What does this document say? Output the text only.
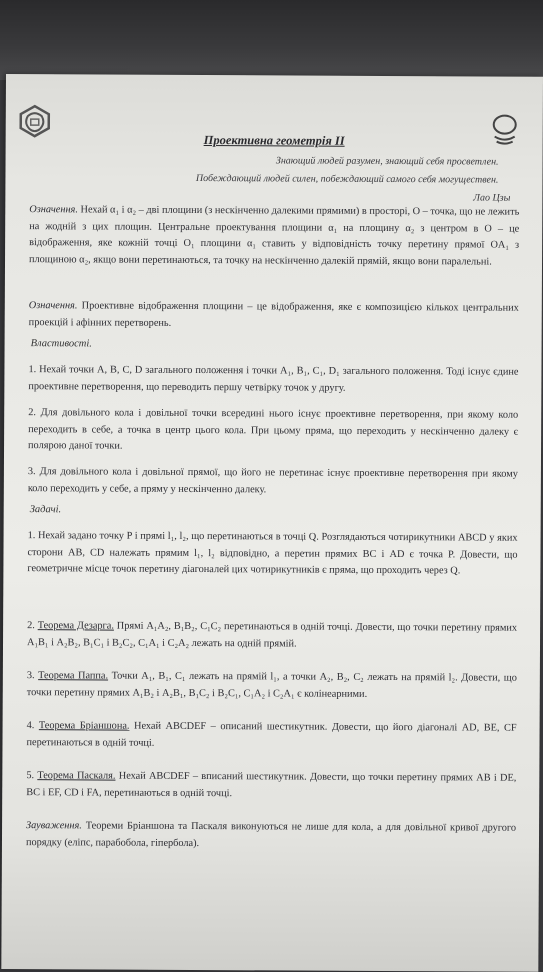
Проективна геометрія II
Знающий людей разумен, знающий себя просветлен.
Побеждающий людей силен, побеждающий самого себя могуществен.
Лао Цзы
Означення. Нехай α₁ і α₂ – дві площини (з нескінченно далекими прямими) в просторі, O – точка, що не лежить на жодній з цих площин. Центральне проектування площини α₁ на площину α₂ з центром в O – це відображення, яке кожній точці O₁ площини α₁ ставить у відповідність точку перетину прямої OA₁ з площиною α₂, якщо вони перетинаються, та точку на нескінченно далекій прямій, якщо вони паралельні.
Означення. Проективне відображення площини – це відображення, яке є композицією кількох центральних проекцій і афінних перетворень.
Властивості.
1. Нехай точки A, B, C, D загального положення і точки A₁, B₁, C₁, D₁ загального положення. Тоді існує єдине проективне перетворення, що переводить першу четвірку точок у другу.
2. Для довільного кола і довільної точки всередині нього існує проективне перетворення, при якому коло переходить в себе, а точка в центр цього кола. При цьому пряма, що переходить у нескінченно далеку є полярою даної точки.
3. Для довільного кола і довільної прямої, що його не перетинає існує проективне перетворення при якому коло переходить у себе, а пряму у нескінченно далеку.
Задачі.
1. Нехай задано точку P і прямі l₁, l₂, що перетинаються в точці Q. Розглядаються чотирикутники ABCD у яких сторони AB, CD належать прямим l₁, l₂ відповідно, а перетин прямих BC і AD є точка P. Довести, що геометричне місце точок перетину діагоналей цих чотирикутників є пряма, що проходить через Q.
2. Теорема Дезарга. Прямі A₁A₂, B₁B₂, C₁C₂ перетинаються в одній точці. Довести, що точки перетину прямих A₁B₁ і A₂B₂, B₁C₁ і B₂C₂, C₁A₁ і C₂A₂ лежать на одній прямій.
3. Теорема Паппа. Точки A₁, B₁, C₁ лежать на прямій l₁, а точки A₂, B₂, C₂ лежать на прямій l₂. Довести, що точки перетину прямих A₁B₂ і A₂B₁, B₁C₂ і B₂C₁, C₁A₂ і C₂A₁ є колінеарними.
4. Теорема Бріаншона. Нехай ABCDEF – описаний шестикутник. Довести, що його діагоналі AD, BE, CF перетинаються в одній точці.
5. Теорема Паскаля. Нехай ABCDEF – вписаний шестикутник. Довести, що точки перетину прямих AB і DE, BC і EF, CD і FA, перетинаються в одній точці.
Зауваження. Теореми Бріаншона та Паскаля виконуються не лише для кола, а для довільної кривої другого порядку (еліпс, парабобола, гіпербола).
